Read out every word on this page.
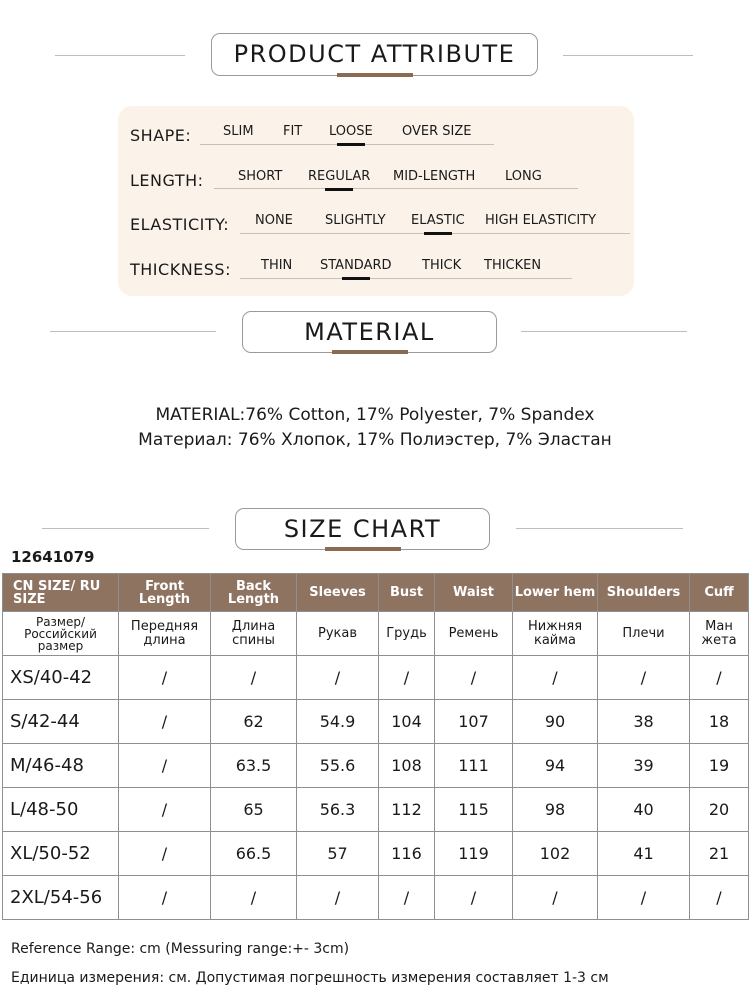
PRODUCT ATTRIBUTE
SHAPE: SLIM FIT LOOSE OVER SIZE
LENGTH:	SHORT REGULAR MID-LENGTH LONG
ELASTICITY: NONE SLIGHTLY ELASTIC HIGH ELASTICITY
THICKNESS: THIN STANDARD THICK THICKEN
MATERIAL
MATERIAL:76% Cotton, 17% Polyester, 7% Spandex
Материал: 76% Хлопок, 17% Полиэстер, 7% Эластан
SIZE CHART
12641079
CN SIZE/ RU SIZE	Front Length	Back Length	Sleeves	Bust	Waist	Lower hem	Shoulders	Cuff
Размер/ Российский размер	Передняя длина	Длина спины	Рукав	Грудь	Ремень	Нижняя кайма	Плечи	Ман жета
XS/40-42	/	/	/	/	/	/	/	/
S/42-44	/	62	54.9	104	107	90	38	18
M/46-48	/	63.5	55.6	108	111	94	39	19
L/48-50	/	65	56.3	112	115	98	40	20
XL/50-52	/	66.5	57	116	119	102	41	21
2XL/54-56	/	/	/	/	/	/	/	/
Reference Range: cm (Messuring range:+- 3cm)
Единица измерения: см. Допустимая погрешность измерения составляет 1-3 см
